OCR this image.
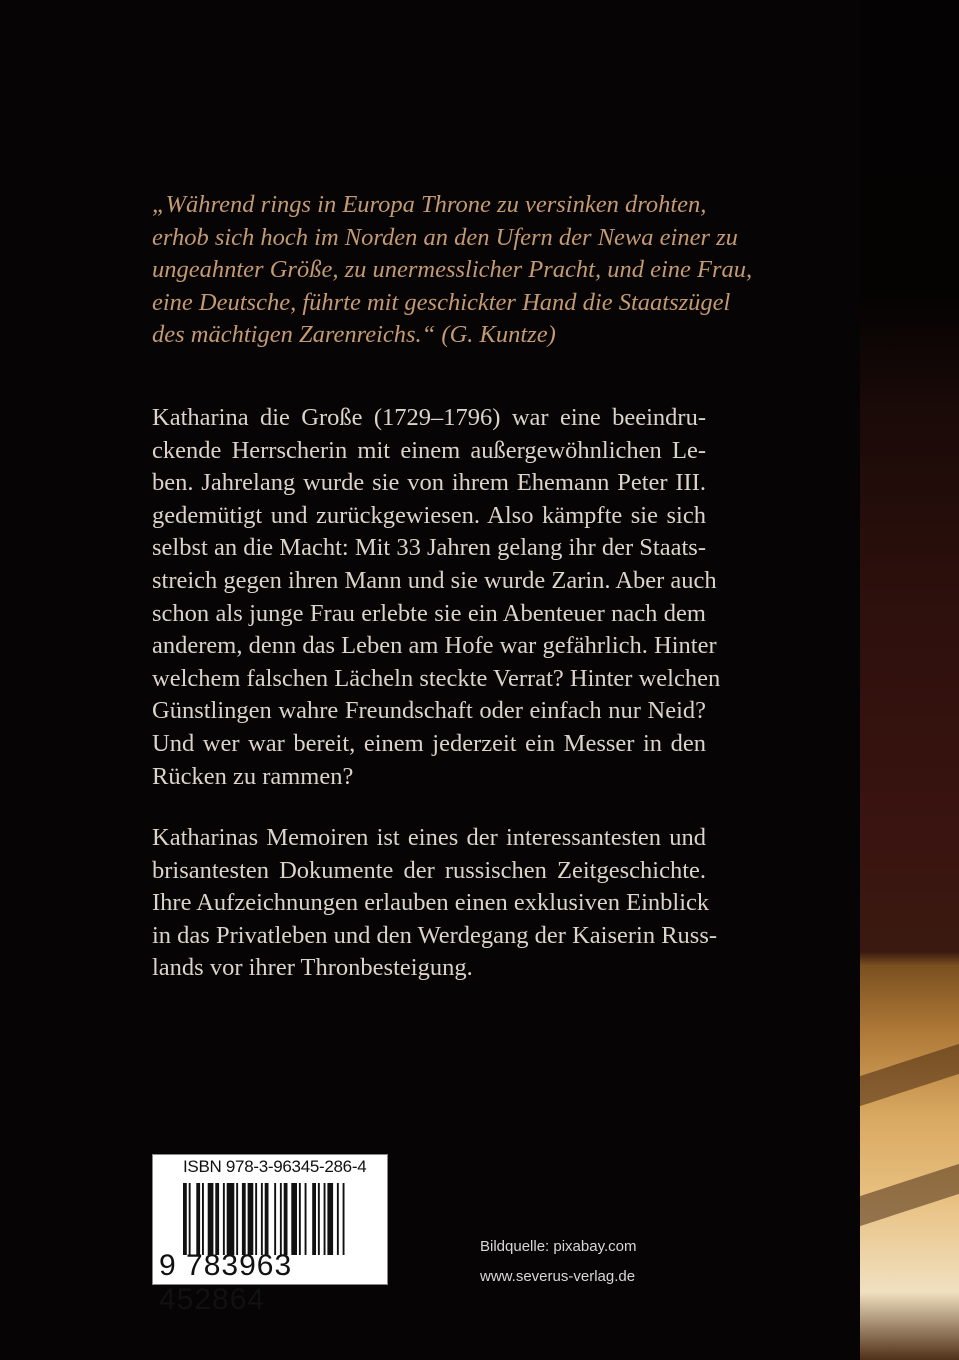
„Während rings in Europa Throne zu versinken drohten,
erhob sich hoch im Norden an den Ufern der Newa einer zu
ungeahnter Größe, zu unermesslicher Pracht, und eine Frau,
eine Deutsche, führte mit geschickter Hand die Staatszügel
des mächtigen Zarenreichs.“ (G. Kuntze)
Katharina die Große (1729–1796) war eine beeindru-
ckende Herrscherin mit einem außergewöhnlichen Le-
ben. Jahrelang wurde sie von ihrem Ehemann Peter III.
gedemütigt und zurückgewiesen. Also kämpfte sie sich
selbst an die Macht: Mit 33 Jahren gelang ihr der Staats-
streich gegen ihren Mann und sie wurde Zarin. Aber auch
schon als junge Frau erlebte sie ein Abenteuer nach dem
anderem, denn das Leben am Hofe war gefährlich. Hinter
welchem falschen Lächeln steckte Verrat? Hinter welchen
Günstlingen wahre Freundschaft oder einfach nur Neid?
Und wer war bereit, einem jederzeit ein Messer in den
Rücken zu rammen?
Katharinas Memoiren ist eines der interessantesten und
brisantesten Dokumente der russischen Zeitgeschichte.
Ihre Aufzeichnungen erlauben einen exklusiven Einblick
in das Privatleben und den Werdegang der Kaiserin Russ-
lands vor ihrer Thronbesteigung.
ISBN 978-3-96345-286-4
9 783963 452864
Bildquelle: pixabay.com
www.severus-verlag.de
